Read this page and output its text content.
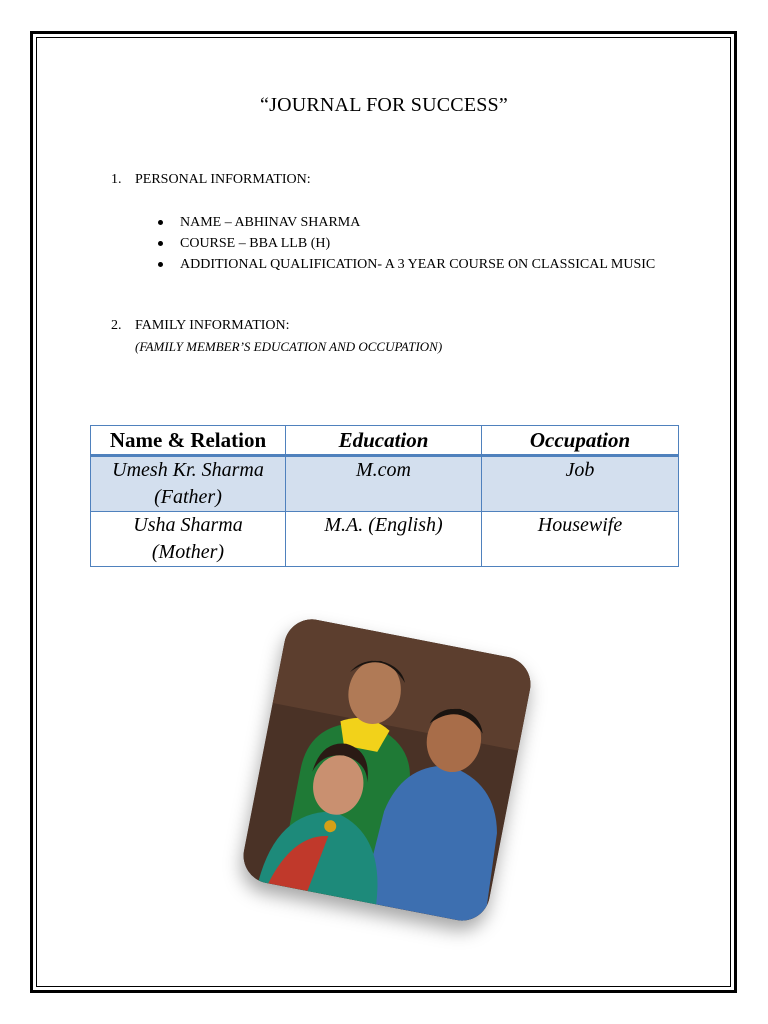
“JOURNAL FOR SUCCESS”
1. PERSONAL INFORMATION:
NAME – ABHINAV SHARMA
COURSE – BBA LLB (H)
ADDITIONAL QUALIFICATION- A 3 YEAR COURSE ON CLASSICAL MUSIC
2. FAMILY INFORMATION:
(FAMILY MEMBER’S EDUCATION AND OCCUPATION)
Name & Relation	Education	Occupation
Umesh Kr. Sharma
(Father)	M.com	Job
Usha Sharma
(Mother)	M.A. (English)	Housewife
